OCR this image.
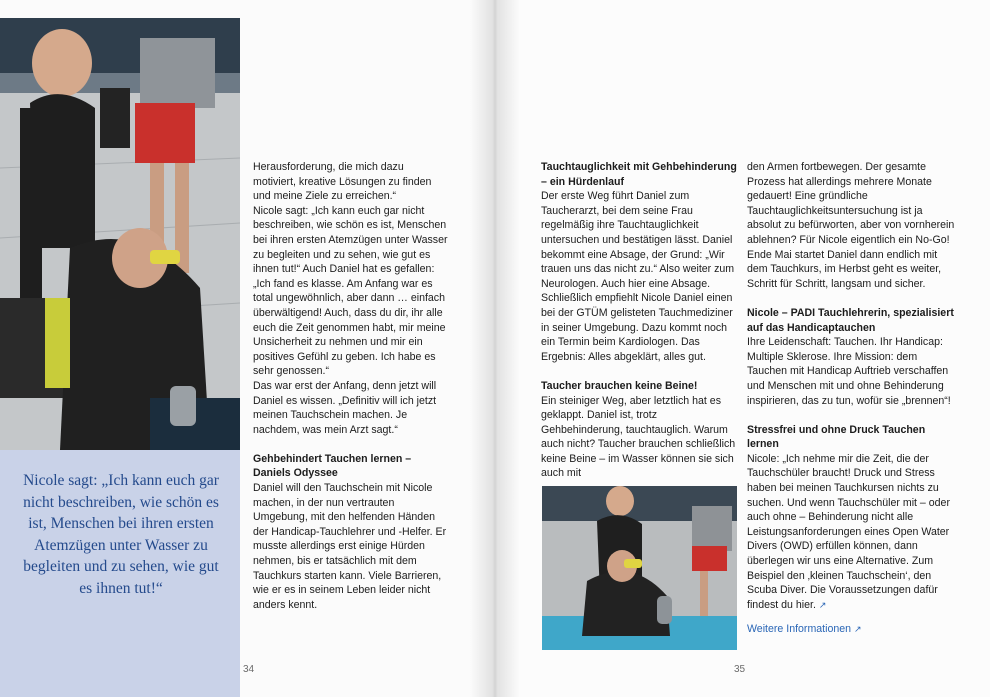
Nicole sagt: „Ich kann euch gar nicht beschreiben, wie schön es ist, Menschen bei ihren ersten Atemzügen unter Wasser zu begleiten und zu sehen, wie gut es ihnen tut!“

Herausforderung, die mich dazu motiviert, kreative Lösungen zu finden und meine Ziele zu erreichen.“

Nicole sagt: „Ich kann euch gar nicht beschreiben, wie schön es ist, Menschen bei ihren ersten Atemzügen unter Wasser zu begleiten und zu sehen, wie gut es ihnen tut!“ Auch Daniel hat es gefallen: „Ich fand es klasse. Am Anfang war es total ungewöhnlich, aber dann … einfach überwältigend! Auch, dass du dir, ihr alle euch die Zeit genommen habt, mir meine Unsicherheit zu nehmen und mir ein positives Gefühl zu geben. Ich habe es sehr genossen.“

Das war erst der Anfang, denn jetzt will Daniel es wissen. „Definitiv will ich jetzt meinen Tauchschein machen. Je nachdem, was mein Arzt sagt.“

Gehbehindert Tauchen lernen – Daniels Odyssee

Daniel will den Tauchschein mit Nicole machen, in der nun vertrauten Umgebung, mit den helfenden Händen der Handicap-Tauchlehrer und -Helfer. Er musste allerdings erst einige Hürden nehmen, bis er tatsächlich mit dem Tauchkurs starten kann. Viele Barrieren, wie er es in seinem Leben leider nicht anders kennt.

34
Tauchtauglichkeit mit Gehbehinderung – ein Hürdenlauf

Der erste Weg führt Daniel zum Taucherarzt, bei dem seine Frau regelmäßig ihre Tauchtauglichkeit untersuchen und bestätigen lässt. Daniel bekommt eine Absage, der Grund: „Wir trauen uns das nicht zu.“ Also weiter zum Neurologen. Auch hier eine Absage. Schließlich empfiehlt Nicole Daniel einen bei der GTÜM gelisteten Tauchmediziner in seiner Umgebung. Dazu kommt noch ein Termin beim Kardiologen. Das Ergebnis: Alles abgeklärt, alles gut.

Taucher brauchen keine Beine!

Ein steiniger Weg, aber letztlich hat es geklappt. Daniel ist, trotz Gehbehinderung, tauchtauglich. Warum auch nicht? Taucher brauchen schließlich keine Beine – im Wasser können sie sich auch mit

den Armen fortbewegen. Der gesamte Prozess hat allerdings mehrere Monate gedauert! Eine gründliche Tauchtauglichkeitsuntersuchung ist ja absolut zu befürworten, aber von vornherein ablehnen? Für Nicole eigentlich ein No-Go!

Ende Mai startet Daniel dann endlich mit dem Tauchkurs, im Herbst geht es weiter, Schritt für Schritt, langsam und sicher.

Nicole – PADI Tauchlehrerin, spezialisiert auf das Handicaptauchen

Ihre Leidenschaft: Tauchen. Ihr Handicap: Multiple Sklerose. Ihre Mission: dem Tauchen mit Handicap Auftrieb verschaffen und Menschen mit und ohne Behinderung inspirieren, das zu tun, wofür sie „brennen“!

Stressfrei und ohne Druck Tauchen lernen

Nicole: „Ich nehme mir die Zeit, die der Tauchschüler braucht! Druck und Stress haben bei meinen Tauchkursen nichts zu suchen. Und wenn Tauchschüler mit – oder auch ohne – Behinderung nicht alle Leistungsanforderungen eines Open Water Divers (OWD) erfüllen können, dann überlegen wir uns eine Alternative. Zum Beispiel den ‚kleinen Tauchschein‘, den Scuba Diver. Die Voraussetzungen dafür findest du hier. ↗

Weitere Informationen ↗

35
